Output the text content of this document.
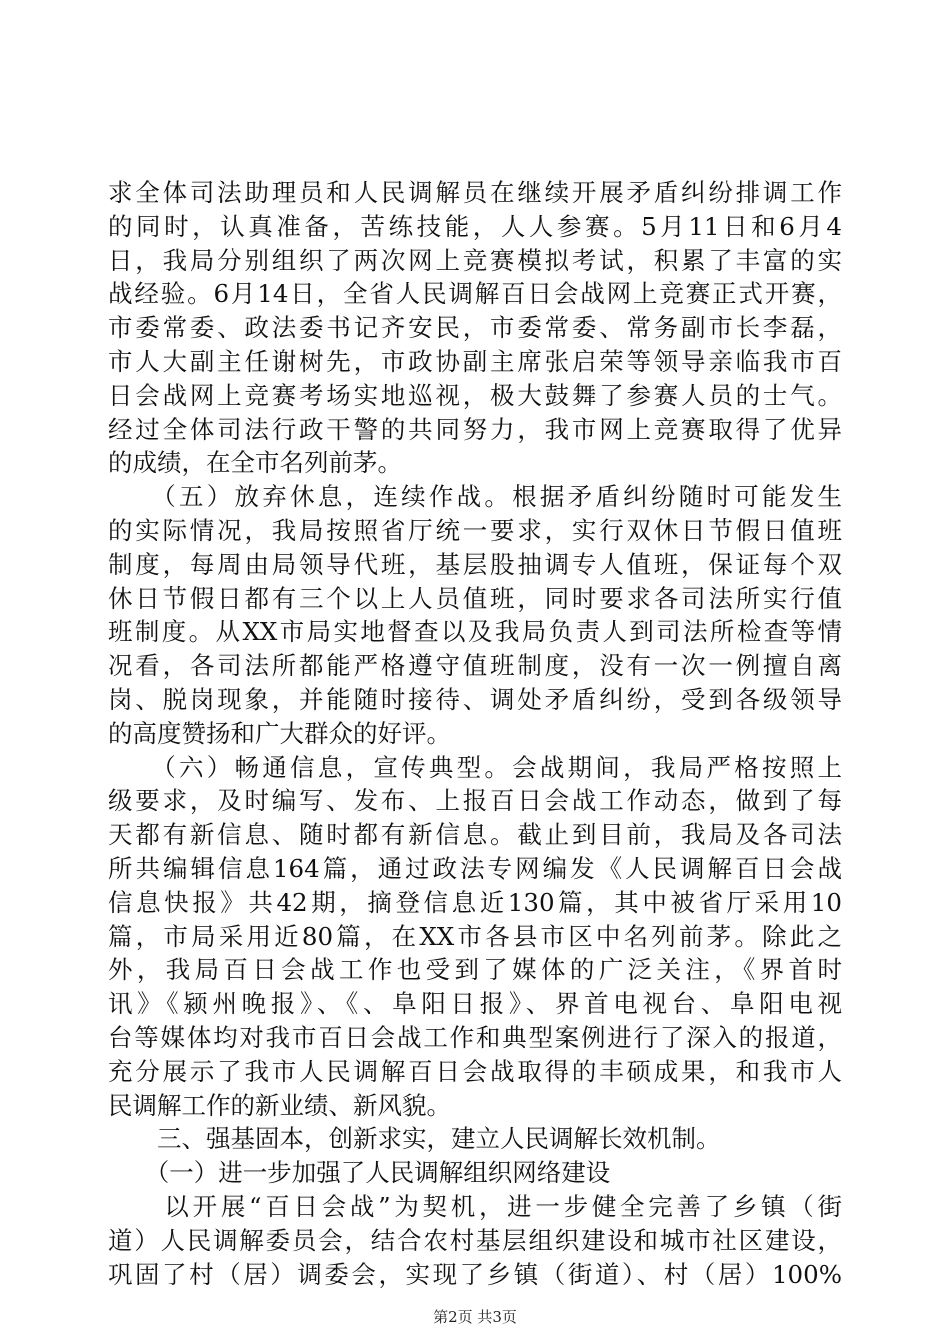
求全体司法助理员和人民调解员在继续开展矛盾纠纷排调工作
的同时，认真准备，苦练技能，人人参赛。5月11日和6月4
日，我局分别组织了两次网上竞赛模拟考试，积累了丰富的实
战经验。6月14日，全省人民调解百日会战网上竞赛正式开赛，
市委常委、政法委书记齐安民，市委常委、常务副市长李磊，
市人大副主任谢树先，市政协副主席张启荣等领导亲临我市百
日会战网上竞赛考场实地巡视，极大鼓舞了参赛人员的士气。
经过全体司法行政干警的共同努力，我市网上竞赛取得了优异
的成绩，在全市名列前茅。
　　（五）放弃休息，连续作战。根据矛盾纠纷随时可能发生
的实际情况，我局按照省厅统一要求，实行双休日节假日值班
制度，每周由局领导代班，基层股抽调专人值班，保证每个双
休日节假日都有三个以上人员值班，同时要求各司法所实行值
班制度。从XX市局实地督查以及我局负责人到司法所检查等情
况看，各司法所都能严格遵守值班制度，没有一次一例擅自离
岗、脱岗现象，并能随时接待、调处矛盾纠纷，受到各级领导
的高度赞扬和广大群众的好评。
　　（六）畅通信息，宣传典型。会战期间，我局严格按照上
级要求，及时编写、发布、上报百日会战工作动态，做到了每
天都有新信息、随时都有新信息。截止到目前，我局及各司法
所共编辑信息164篇，通过政法专网编发《人民调解百日会战
信息快报》共42期，摘登信息近130篇，其中被省厅采用10
篇，市局采用近80篇，在XX市各县市区中名列前茅。除此之
外，我局百日会战工作也受到了媒体的广泛关注，《界首时
讯》《颍州晚报》、《、阜阳日报》、界首电视台、阜阳电视
台等媒体均对我市百日会战工作和典型案例进行了深入的报道，
充分展示了我市人民调解百日会战取得的丰硕成果，和我市人
民调解工作的新业绩、新风貌。
　　三、强基固本，创新求实，建立人民调解长效机制。
　　（一）进一步加强了人民调解组织网络建设
　　以开展“百日会战”为契机，进一步健全完善了乡镇（街
道）人民调解委员会，结合农村基层组织建设和城市社区建设，
巩固了村（居）调委会，实现了乡镇（街道）、村（居）100%
第2页 共3页
